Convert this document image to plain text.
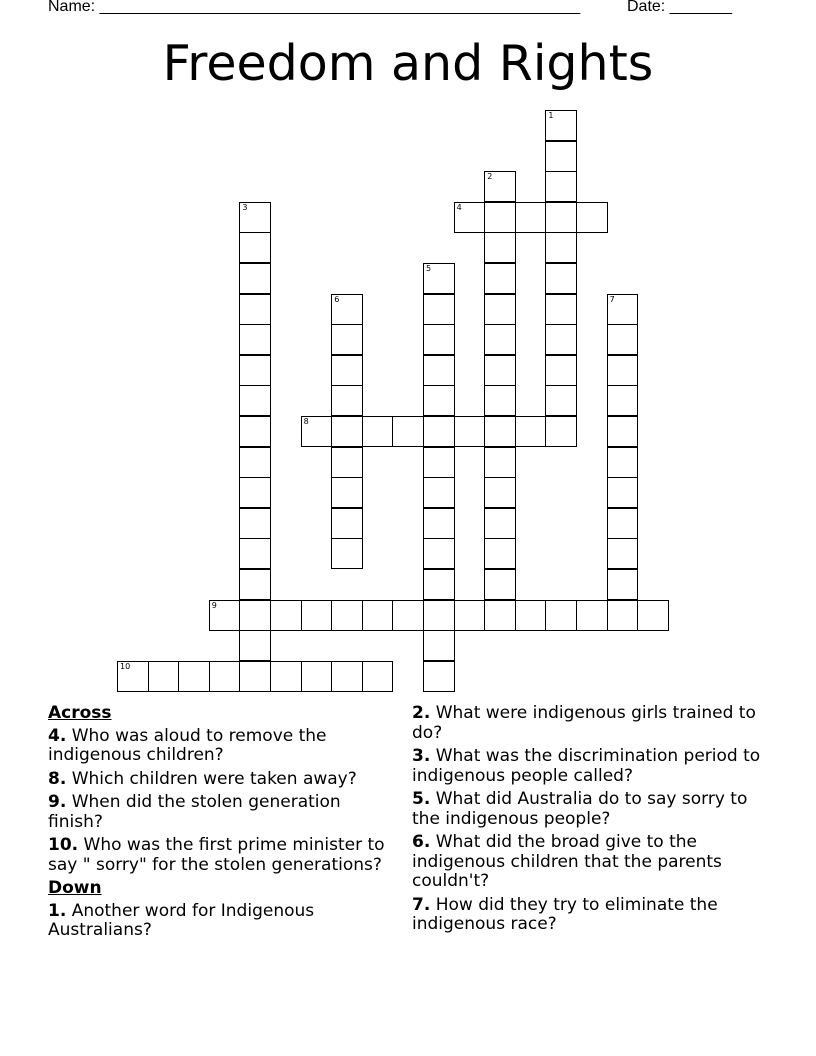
Name: ______________________________________________________	Date: _______
Freedom and Rights
1
2
3	4
5
6	7
8
9
10
Across
4. Who was aloud to remove the indigenous children?
8. Which children were taken away?
9. When did the stolen generation finish?
10. Who was the first prime minister to say " sorry" for the stolen generations?
Down
1. Another word for Indigenous Australians?
2. What were indigenous girls trained to do?
3. What was the discrimination period to indigenous people called?
5. What did Australia do to say sorry to the indigenous people?
6. What did the broad give to the indigenous children that the parents couldn't?
7. How did they try to eliminate the indigenous race?
